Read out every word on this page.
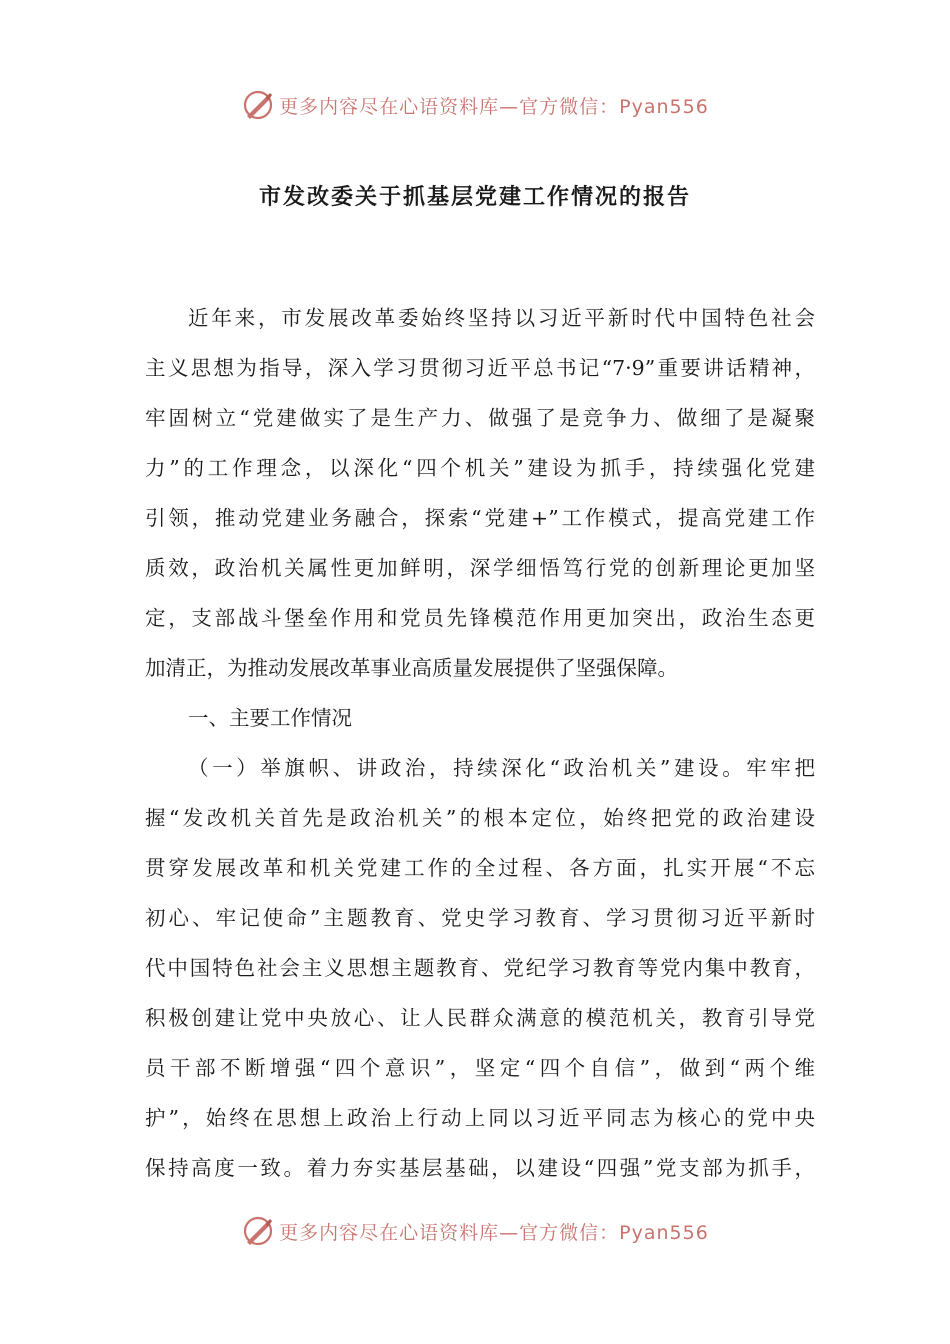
更多内容尽在心语资料库—官方微信：Pyan556
市发改委关于抓基层党建工作情况的报告
近年来，市发展改革委始终坚持以习近平新时代中国特色社会
主义思想为指导，深入学习贯彻习近平总书记“7·9”重要讲话精神，
牢固树立“党建做实了是生产力、做强了是竞争力、做细了是凝聚
力”的工作理念，以深化“四个机关”建设为抓手，持续强化党建
引领，推动党建业务融合，探索“党建+”工作模式，提高党建工作
质效，政治机关属性更加鲜明，深学细悟笃行党的创新理论更加坚
定，支部战斗堡垒作用和党员先锋模范作用更加突出，政治生态更
加清正，为推动发展改革事业高质量发展提供了坚强保障。
一、主要工作情况
（一）举旗帜、讲政治，持续深化“政治机关”建设。牢牢把
握“发改机关首先是政治机关”的根本定位，始终把党的政治建设
贯穿发展改革和机关党建工作的全过程、各方面，扎实开展“不忘
初心、牢记使命”主题教育、党史学习教育、学习贯彻习近平新时
代中国特色社会主义思想主题教育、党纪学习教育等党内集中教育，
积极创建让党中央放心、让人民群众满意的模范机关，教育引导党
员干部不断增强“四个意识”，坚定“四个自信”，做到“两个维
护”，始终在思想上政治上行动上同以习近平同志为核心的党中央
保持高度一致。着力夯实基层基础，以建设“四强”党支部为抓手，
更多内容尽在心语资料库—官方微信：Pyan556
